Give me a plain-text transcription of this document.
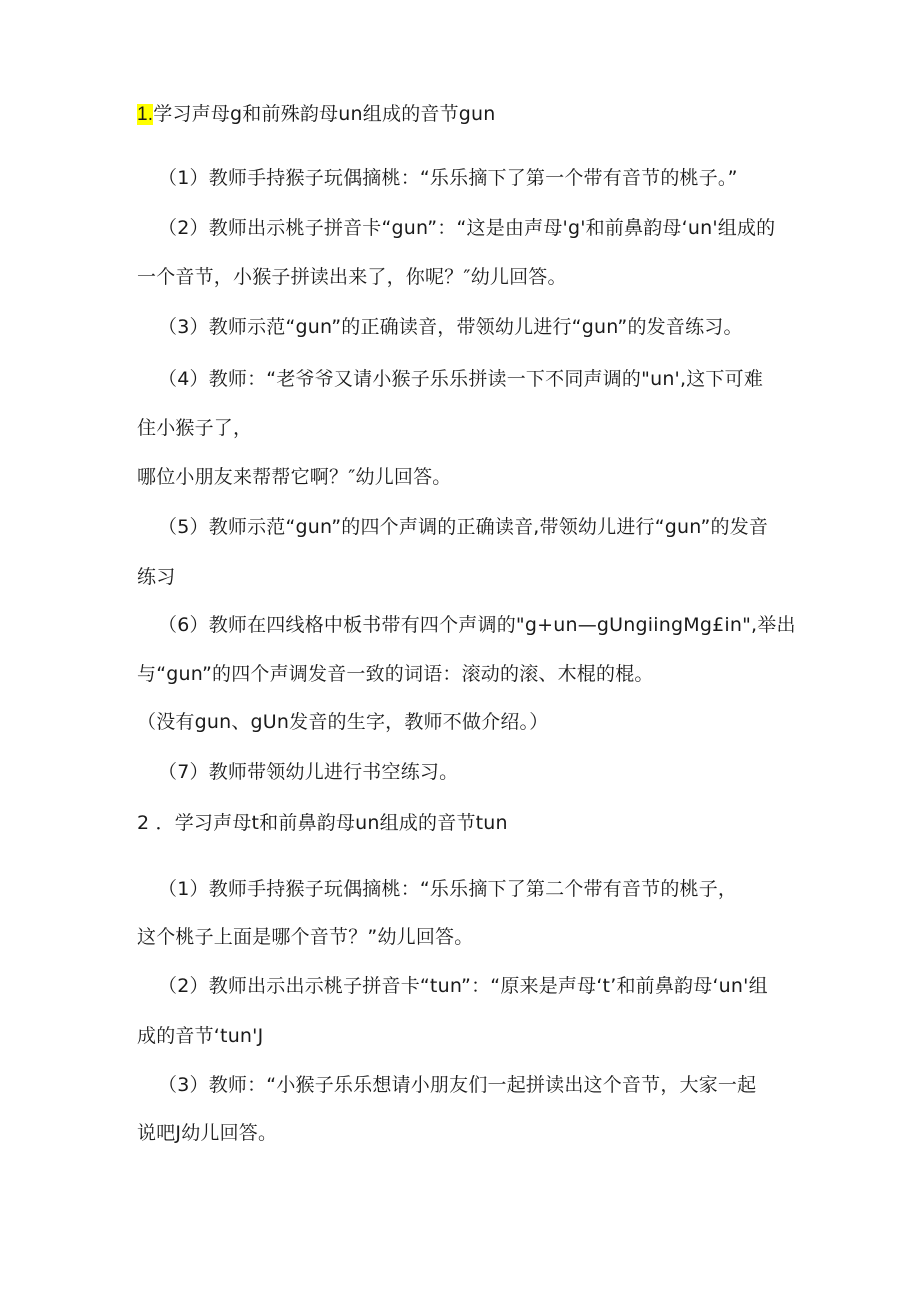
1.学习声母g和前殊韵母un组成的音节gun
（1）教师手持猴子玩偶摘桃：“乐乐摘下了第一个带有音节的桃子。”
（2）教师出示桃子拼音卡“gun”：“这是由声母'g'和前鼻韵母‘un'组成的
一个音节，小猴子拼读出来了，你呢？″幼儿回答。
（3）教师示范“gun”的正确读音，带领幼儿进行“gun”的发音练习。
（4）教师：“老爷爷又请小猴子乐乐拼读一下不同声调的"un',这下可难
住小猴子了，
哪位小朋友来帮帮它啊？″幼儿回答。
（5）教师示范“gun”的四个声调的正确读音,带领幼儿进行“gun”的发音
练习
（6）教师在四线格中板书带有四个声调的"g+un—gUngiingMg£in",举出
与“gun”的四个声调发音一致的词语：滚动的滚、木棍的棍。
（没有gun、gUn发音的生字，教师不做介绍。）
（7）教师带领幼儿进行书空练习。
2 ．学习声母t和前鼻韵母un组成的音节tun
（1）教师手持猴子玩偶摘桃：“乐乐摘下了第二个带有音节的桃子，
这个桃子上面是哪个音节？”幼儿回答。
（2）教师出示出示桃子拼音卡“tun”：“原来是声母‘t’和前鼻韵母‘un'组
成的音节‘tun'J
（3）教师：“小猴子乐乐想请小朋友们一起拼读出这个音节，大家一起
说吧J幼儿回答。
